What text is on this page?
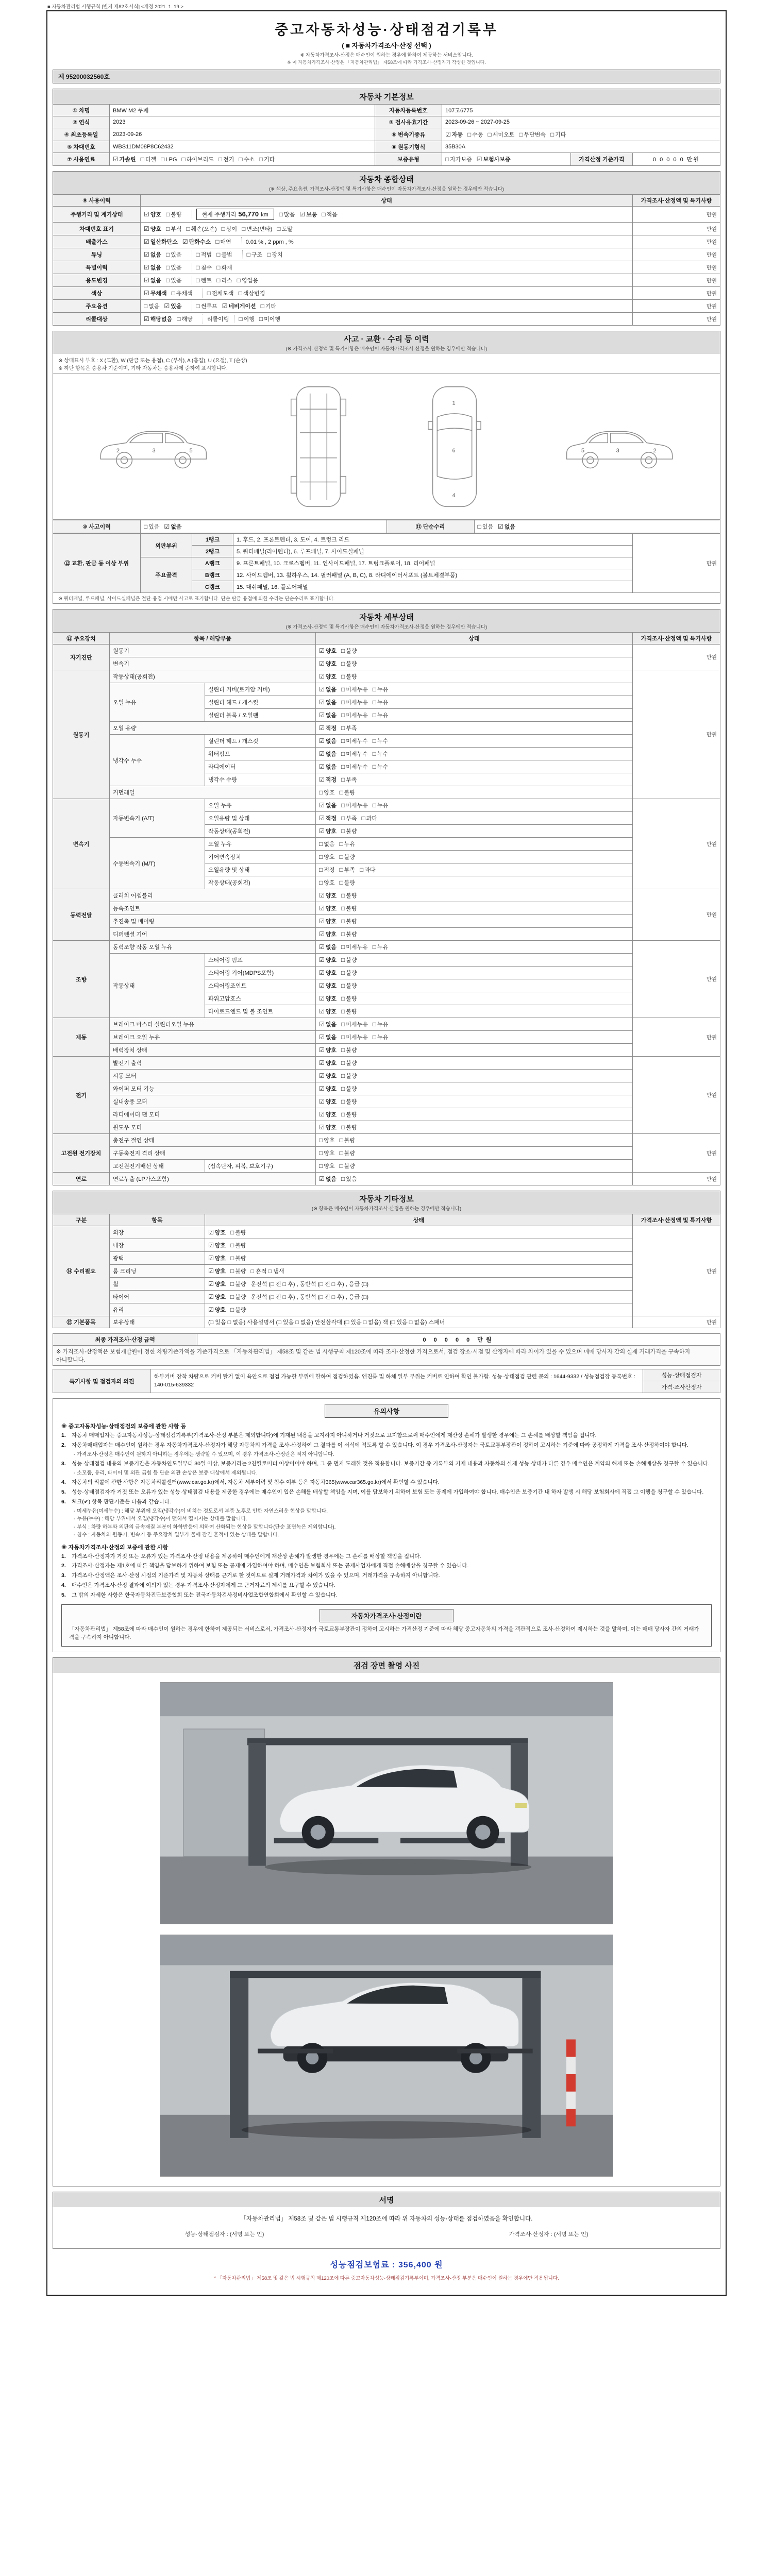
■ 자동차관리법 시행규칙 [별지 제82호서식] <개정 2021. 1. 19.>
중고자동차성능·상태점검기록부
( ■ 자동차가격조사·산정 선택 )
※ 자동차가격조사·산정은 매수인이 원하는 경우에 한하여 제공하는 서비스입니다.
※ 이 자동차가격조사·산정은 「자동차관리법」 제58조에 따라 가격조사·산정자가 작성한 것입니다.
제 95200032560호
자동차 기본정보
① 차명	BMW M2 쿠페	자동차등록번호	107고6775		
② 연식	2023	③ 검사유효기간	2023-09-26 ~ 2027-09-25		
④ 최초등록일	2023-09-26	⑥ 변속기종류	☑ 자동 □ 수동 □ 세미오토 □ 무단변속 □ 기타		
⑤ 차대번호	WBS11DM08P8C62432	⑧ 원동기형식	35B30A		
⑦ 사용연료	☑ 가솔린 □ 디젤 □ LPG □ 하이브리드 □ 전기 □ 수소 □ 기타	보증유형	□ 자가보증 ☑ 보험사보증	가격산정 기준가격	0 0 0 0 0 만원
자동차 종합상태
(※ 색상, 주요옵션, 가격조사·산정액 및 특기사항은 매수인이 자동차가격조사·산정을 원하는 경우에만 적습니다)
⑨ 사용이력	상태	가격조사·산정액 및 특기사항
주행거리 및 계기상태	☑ 양호 □ 불량 현재 주행거리 56,770 km □ 많음 ☑ 보통 □ 적음	만원
차대번호 표기	☑ 양호 □ 부식 □ 훼손(오손) □ 상이 □ 변조(변타) □ 도말	만원
배출가스	☑ 일산화탄소 ☑ 탄화수소 □ 매연 0.01 % , 2 ppm , %	만원
튜닝	☑ 없음 □ 있음 □ 적법 □ 불법 □ 구조 □ 장치	만원
특별이력	☑ 없음 □ 있음 □ 침수 □ 화재	만원
용도변경	☑ 없음 □ 있음 □ 렌트 □ 리스 □ 영업용	만원
색상	☑ 무채색 □ 유채색 □ 전체도색 □ 색상변경	만원
주요옵션	□ 없음 ☑ 있음 □ 썬루프 ☑ 네비게이션 □ 기타	만원
리콜대상	☑ 해당없음 □ 해당 리콜이행 □ 이행 □ 미이행	만원
사고 · 교환 · 수리 등 이력
(※ 가격조사·산정액 및 특기사항은 매수인이 자동차가격조사·산정을 원하는 경우에만 적습니다)
※ 상태표시 부호 : X (교환), W (판금 또는 용접), C (부식), A (흠집), U (요철), T (손상)
※ 하단 항목은 승용차 기준이며, 기타 자동차는 승용차에 준하여 표시합니다.
2	3	5
1
6
4
5	3	2
⑩ 사고이력	□ 있음 ☑ 없음	⑪ 단순수리	□ 있음 ☑ 없음
⑫ 교환, 판금 등 이상 부위	외판부위	1랭크	1. 후드, 2. 프론트펜더, 3. 도어, 4. 트렁크 리드	만원
		2랭크	5. 쿼터패널(리어펜더), 6. 루프패널, 7. 사이드실패널	
	주요골격	A랭크	9. 프론트패널, 10. 크로스멤버, 11. 인사이드패널, 17. 트렁크플로어, 18. 리어패널	
		B랭크	12. 사이드멤버, 13. 휠하우스, 14. 필러패널 (A, B, C), 8. 라디에이터서포트 (볼트체결부품)	
		C랭크	15. 대쉬패널, 16. 플로어패널	
※ 쿼터패널, 루프패널, 사이드실패널은 절단·용접 시에만 사고로 표기합니다. 단순 판금·용접에 의한 수리는 단순수리로 표기합니다.
자동차 세부상태
(※ 가격조사·산정액 및 특기사항은 매수인이 자동차가격조사·산정을 원하는 경우에만 적습니다)
⑬ 주요장치	항목 / 해당부품		상태	가격조사·산정액 및 특기사항
자기진단	원동기		☑ 양호 □ 불량	만원
	변속기		☑ 양호 □ 불량	
원동기	작동상태(공회전)		☑ 양호 □ 불량	만원
	오일 누유	실린더 커버(로커암 커버)	☑ 없음 □ 미세누유 □ 누유	
		실린더 헤드 / 개스킷	☑ 없음 □ 미세누유 □ 누유	
		실린더 블록 / 오일팬	☑ 없음 □ 미세누유 □ 누유	
	오일 유량		☑ 적정 □ 부족	
	냉각수 누수	실린더 헤드 / 개스킷	☑ 없음 □ 미세누수 □ 누수	
		워터펌프	☑ 없음 □ 미세누수 □ 누수	
		라디에이터	☑ 없음 □ 미세누수 □ 누수	
		냉각수 수량	☑ 적정 □ 부족	
	커먼레일		□ 양호 □ 불량	
변속기	자동변속기 (A/T)	오일 누유	☑ 없음 □ 미세누유 □ 누유	만원
		오일유량 및 상태	☑ 적정 □ 부족 □ 과다	
		작동상태(공회전)	☑ 양호 □ 불량	
	수동변속기 (M/T)	오일 누유	□ 없음 □ 누유	
		기어변속장치	□ 양호 □ 불량	
		오일유량 및 상태	□ 적정 □ 부족 □ 과다	
		작동상태(공회전)	□ 양호 □ 불량	
동력전달	클러치 어셈블리		☑ 양호 □ 불량	만원
	등속조인트		☑ 양호 □ 불량	
	추진축 및 베어링		☑ 양호 □ 불량	
	디퍼렌셜 기어		☑ 양호 □ 불량	
조향	동력조향 작동 오일 누유		☑ 없음 □ 미세누유 □ 누유	만원
	작동상태	스티어링 펌프	☑ 양호 □ 불량	
		스티어링 기어(MDPS포함)	☑ 양호 □ 불량	
		스티어링조인트	☑ 양호 □ 불량	
		파워고압호스	☑ 양호 □ 불량	
		타이로드엔드 및 볼 조인트	☑ 양호 □ 불량	
제동	브레이크 마스터 실린더오일 누유		☑ 없음 □ 미세누유 □ 누유	만원
	브레이크 오일 누유		☑ 없음 □ 미세누유 □ 누유	
	배력장치 상태		☑ 양호 □ 불량	
전기	발전기 출력		☑ 양호 □ 불량	만원
	시동 모터		☑ 양호 □ 불량	
	와이퍼 모터 기능		☑ 양호 □ 불량	
	실내송풍 모터		☑ 양호 □ 불량	
	라디에이터 팬 모터		☑ 양호 □ 불량	
	윈도우 모터		☑ 양호 □ 불량	
고전원 전기장치	충전구 절연 상태		□ 양호 □ 불량	만원
	구동축전지 격리 상태		□ 양호 □ 불량	
	고전원전기배선 상태	(접속단자, 피복, 보호기구)	□ 양호 □ 불량	
연료	연료누출 (LP가스포함)		☑ 없음 □ 있음	만원
자동차 기타정보
(※ 항목은 매수인이 자동차가격조사·산정을 원하는 경우에만 적습니다)
구분	항목	상태	가격조사·산정액 및 특기사항
⑭ 수리필요	외장	☑ 양호 □ 불량	만원
	내장	☑ 양호 □ 불량	
	광택	☑ 양호 □ 불량	
	룸 크리닝	☑ 양호 □ 불량 □ 흔적 □ 냄새	
	휠	☑ 양호 □ 불량 운전석 (□ 전 □ 후) , 동반석 (□ 전 □ 후) , 응급 (□)	
	타이어	☑ 양호 □ 불량 운전석 (□ 전 □ 후) , 동반석 (□ 전 □ 후) , 응급 (□)	
	유리	☑ 양호 □ 불량	
⑮ 기본품목	보유상태	(□ 있음 □ 없음) 사용설명서 (□ 있음 □ 없음) 안전삼각대 (□ 있음 □ 없음) 잭 (□ 있음 □ 없음) 스패너	만원
최종 가격조사·산정 금액	0 0 0 0 0 만원
※ 가격조사·산정액은 보험개발원이 정한 차량기준가액을 기준가격으로 「자동차관리법」 제58조 및 같은 법 시행규칙 제120조에 따라 조사·산정한 가격으로서, 점검 장소·시점 및 산정자에 따라 차이가 있을 수 있으며 매매 당사자 간의 실제 거래가격을 구속하지 아니합니다.
특기사항 및 점검자의 의견	하부커버 장착 차량으로 커버 탈거 없이 육안으로 점검 가능한 부위에 한하여 점검하였음. 엔진룸 및 하체 일부 부위는 커버로 인하여 확인 불가함. 성능·상태점검 관련 문의 : 1644-9332 / 성능점검장 등록번호 : 140-015-639332	성능·상태점검자
가격·조사산정자
유의사항
※ 중고자동차성능·상태점검의 보증에 관한 사항 등
1.	자동차 매매업자는 중고자동차성능·상태점검기록부(가격조사·산정 부분은 제외합니다)에 기재된 내용을 고지하지 아니하거나 거짓으로 고지함으로써 매수인에게 재산상 손해가 발생한 경우에는 그 손해를 배상할 책임을 집니다.
2.	자동차매매업자는 매수인이 원하는 경우 자동차가격조사·산정자가 해당 자동차의 가격을 조사·산정하여 그 결과를 이 서식에 적도록 할 수 있습니다. 이 경우 가격조사·산정자는 국토교통부장관이 정하여 고시하는 기준에 따라 공정하게 가격을 조사·산정하여야 합니다.
- 가격조사·산정은 매수인이 원하지 아니하는 경우에는 생략할 수 있으며, 이 경우 가격조사·산정란은 적지 아니합니다.
3.	성능·상태점검 내용의 보증기간은 자동차인도일부터 30일 이상, 보증거리는 2천킬로미터 이상이어야 하며, 그 중 먼저 도래한 것을 적용합니다. 보증기간 중 기록부의 기재 내용과 자동차의 실제 성능·상태가 다른 경우 매수인은 계약의 해제 또는 손해배상을 청구할 수 있습니다.
- 소모품, 유리, 타이어 및 외관 긁힘 등 단순 외관 손상은 보증 대상에서 제외됩니다.
4.	자동차의 리콜에 관한 사항은 자동차리콜센터(www.car.go.kr)에서, 자동차 세부이력 및 침수 여부 등은 자동차365(www.car365.go.kr)에서 확인할 수 있습니다.
5.	성능·상태점검자가 거짓 또는 오류가 있는 성능·상태점검 내용을 제공한 경우에는 매수인이 입은 손해를 배상할 책임을 지며, 이를 담보하기 위하여 보험 또는 공제에 가입하여야 합니다. 매수인은 보증기간 내 하자 발생 시 해당 보험회사에 직접 그 이행을 청구할 수 있습니다.
6.	체크(✔) 항목 판단기준은 다음과 같습니다.
- 미세누유(미세누수) : 해당 부위에 오일(냉각수)이 비치는 정도로서 부품 노후로 인한 자연스러운 현상을 말합니다.
- 누유(누수) : 해당 부위에서 오일(냉각수)이 맺혀서 떨어지는 상태를 말합니다.
- 부식 : 차량 하부와 외판의 금속재질 부분이 화학반응에 의하여 산화되는 현상을 말합니다(단순 표면녹은 제외합니다).
- 침수 : 자동차의 원동기, 변속기 등 주요장치 일부가 물에 잠긴 흔적이 있는 상태를 말합니다.
※ 자동차가격조사·산정의 보증에 관한 사항
1.	가격조사·산정자가 거짓 또는 오류가 있는 가격조사·산정 내용을 제공하여 매수인에게 재산상 손해가 발생한 경우에는 그 손해를 배상할 책임을 집니다.
2.	가격조사·산정자는 제1호에 따른 책임을 담보하기 위하여 보험 또는 공제에 가입하여야 하며, 매수인은 보험회사 또는 공제사업자에게 직접 손해배상을 청구할 수 있습니다.
3.	가격조사·산정액은 조사·산정 시점의 기준가격 및 자동차 상태를 근거로 한 것이므로 실제 거래가격과 차이가 있을 수 있으며, 거래가격을 구속하지 아니합니다.
4.	매수인은 가격조사·산정 결과에 이의가 있는 경우 가격조사·산정자에게 그 근거자료의 제시를 요구할 수 있습니다.
5.	그 밖의 자세한 사항은 한국자동차진단보증협회 또는 전국자동차검사정비사업조합연합회에서 확인할 수 있습니다.
자동차가격조사·산정이란
「자동차관리법」 제58조에 따라 매수인이 원하는 경우에 한하여 제공되는 서비스로서, 가격조사·산정자가 국토교통부장관이 정하여 고시하는 가격산정 기준에 따라 해당 중고자동차의 가격을 객관적으로 조사·산정하여 제시하는 것을 말하며, 이는 매매 당사자 간의 거래가격을 구속하지 아니합니다.
점검 장면 촬영 사진
서명
「자동차관리법」 제58조 및 같은 법 시행규칙 제120조에 따라 위 자동차의 성능·상태를 점검하였음을 확인합니다.
성능·상태점검자 : (서명 또는 인)	가격조사·산정자 : (서명 또는 인)
성능점검보험료 : 356,400 원
* 「자동차관리법」 제58조 및 같은 법 시행규칙 제120조에 따른 중고자동차성능·상태점검기록부이며, 가격조사·산정 부분은 매수인이 원하는 경우에만 적용됩니다.
